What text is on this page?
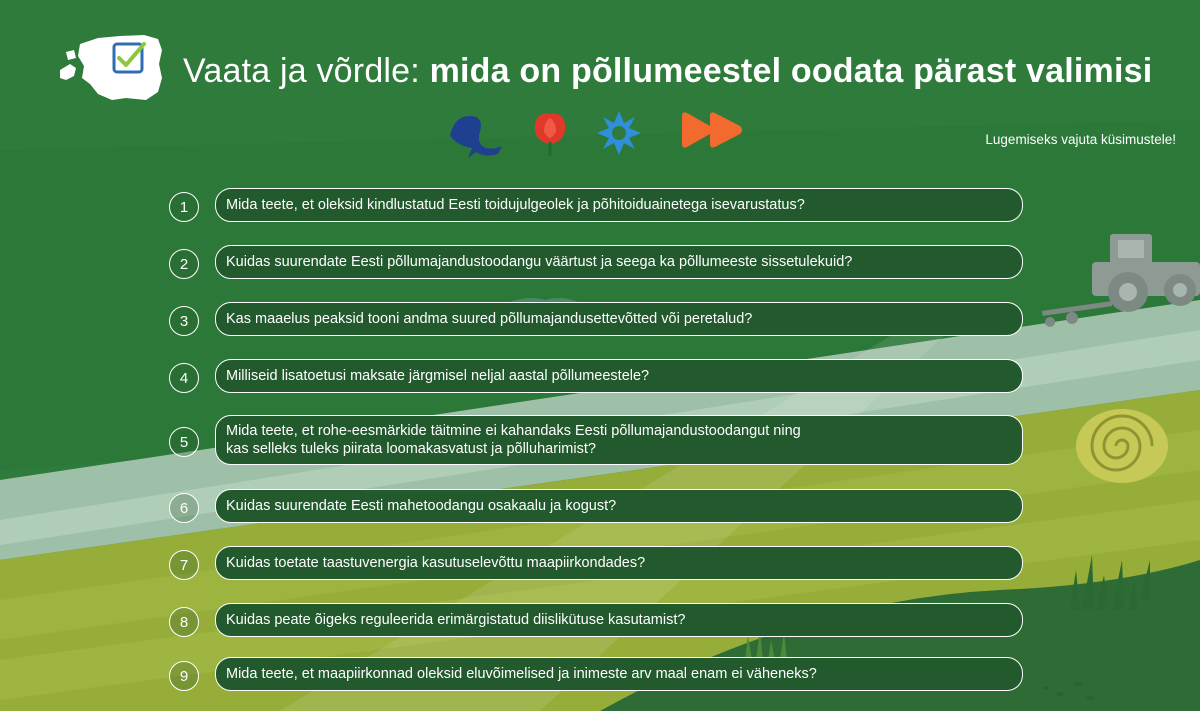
Vaata ja võrdle: mida on põllumeestel oodata pärast valimisi
Lugemiseks vajuta küsimustele!
1	Mida teete, et oleksid kindlustatud Eesti toidujulgeolek ja põhitoiduainetega isevarustatus?
2	Kuidas suurendate Eesti põllumajandustoodangu väärtust ja seega ka põllumeeste sissetulekuid?
3	Kas maaelus peaksid tooni andma suured põllumajandusettevõtted või peretalud?
4	Milliseid lisatoetusi maksate järgmisel neljal aastal põllumeestele?
5
Mida teete, et rohe-eesmärkide täitmine ei kahandaks Eesti põllumajandustoodangut ning
kas selleks tuleks piirata loomakasvatust ja põlluharimist?
6	Kuidas suurendate Eesti mahetoodangu osakaalu ja kogust?
7	Kuidas toetate taastuvenergia kasutuselevõttu maapiirkondades?
8	Kuidas peate õigeks reguleerida erimärgistatud diislikütuse kasutamist?
9	Mida teete, et maapiirkonnad oleksid eluvõimelised ja inimeste arv maal enam ei väheneks?
